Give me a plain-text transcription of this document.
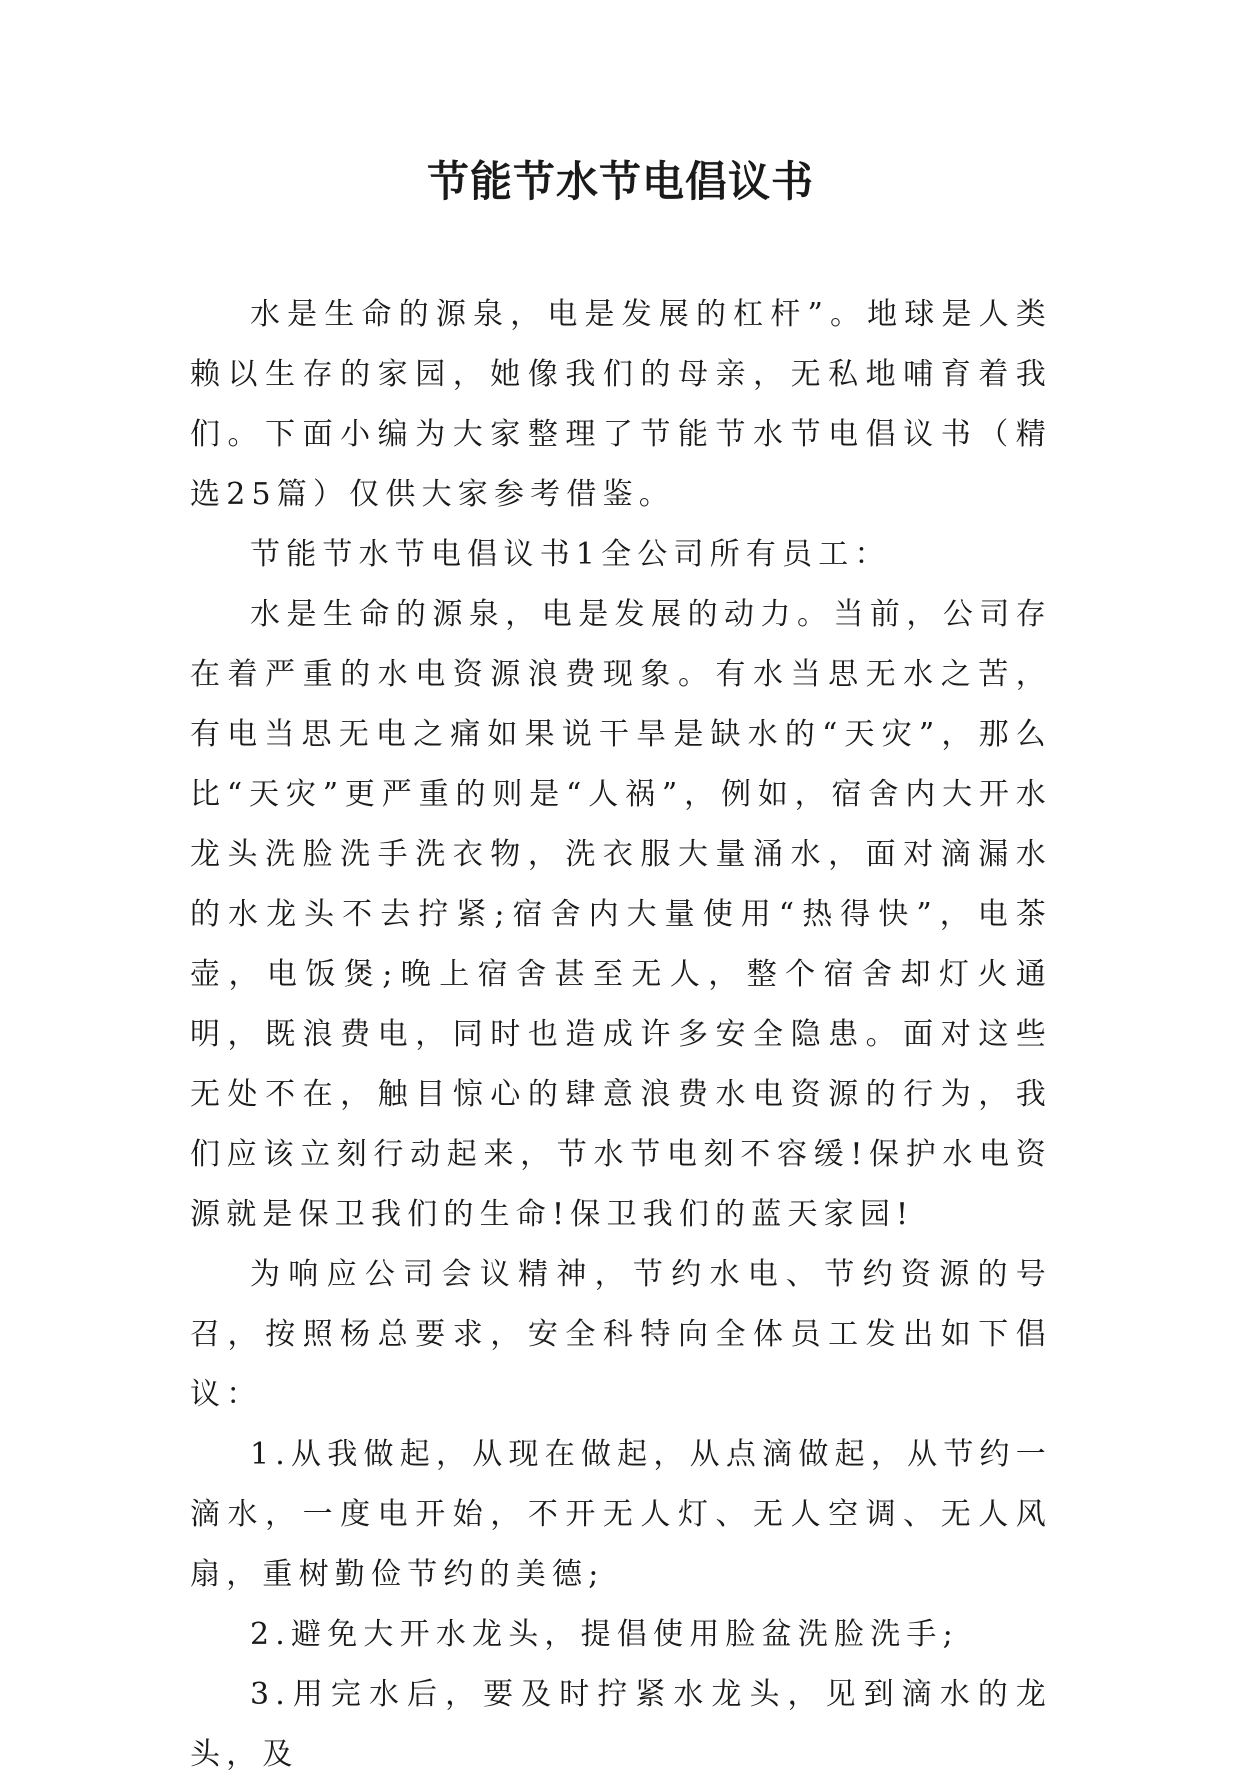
节能节水节电倡议书

水是生命的源泉，电是发展的杠杆”。地球是人类赖以生存的家园，她像我们的母亲，无私地哺育着我们。下面小编为大家整理了节能节水节电倡议书（精选25篇）仅供大家参考借鉴。

节能节水节电倡议书1全公司所有员工：

水是生命的源泉，电是发展的动力。当前，公司存在着严重的水电资源浪费现象。有水当思无水之苦，有电当思无电之痛如果说干旱是缺水的“天灾”，那么比“天灾”更严重的则是“人祸”，例如，宿舍内大开水龙头洗脸洗手洗衣物，洗衣服大量涌水，面对滴漏水的水龙头不去拧紧;宿舍内大量使用“热得快”，电茶壶，电饭煲;晚上宿舍甚至无人，整个宿舍却灯火通明，既浪费电，同时也造成许多安全隐患。面对这些无处不在，触目惊心的肆意浪费水电资源的行为，我们应该立刻行动起来，节水节电刻不容缓!保护水电资源就是保卫我们的生命!保卫我们的蓝天家园!

为响应公司会议精神，节约水电、节约资源的号召，按照杨总要求，安全科特向全体员工发出如下倡议：

1.从我做起，从现在做起，从点滴做起，从节约一滴水，一度电开始，不开无人灯、无人空调、无人风扇，重树勤俭节约的美德;

2.避免大开水龙头，提倡使用脸盆洗脸洗手;

3.用完水后，要及时拧紧水龙头，见到滴水的龙头，及
